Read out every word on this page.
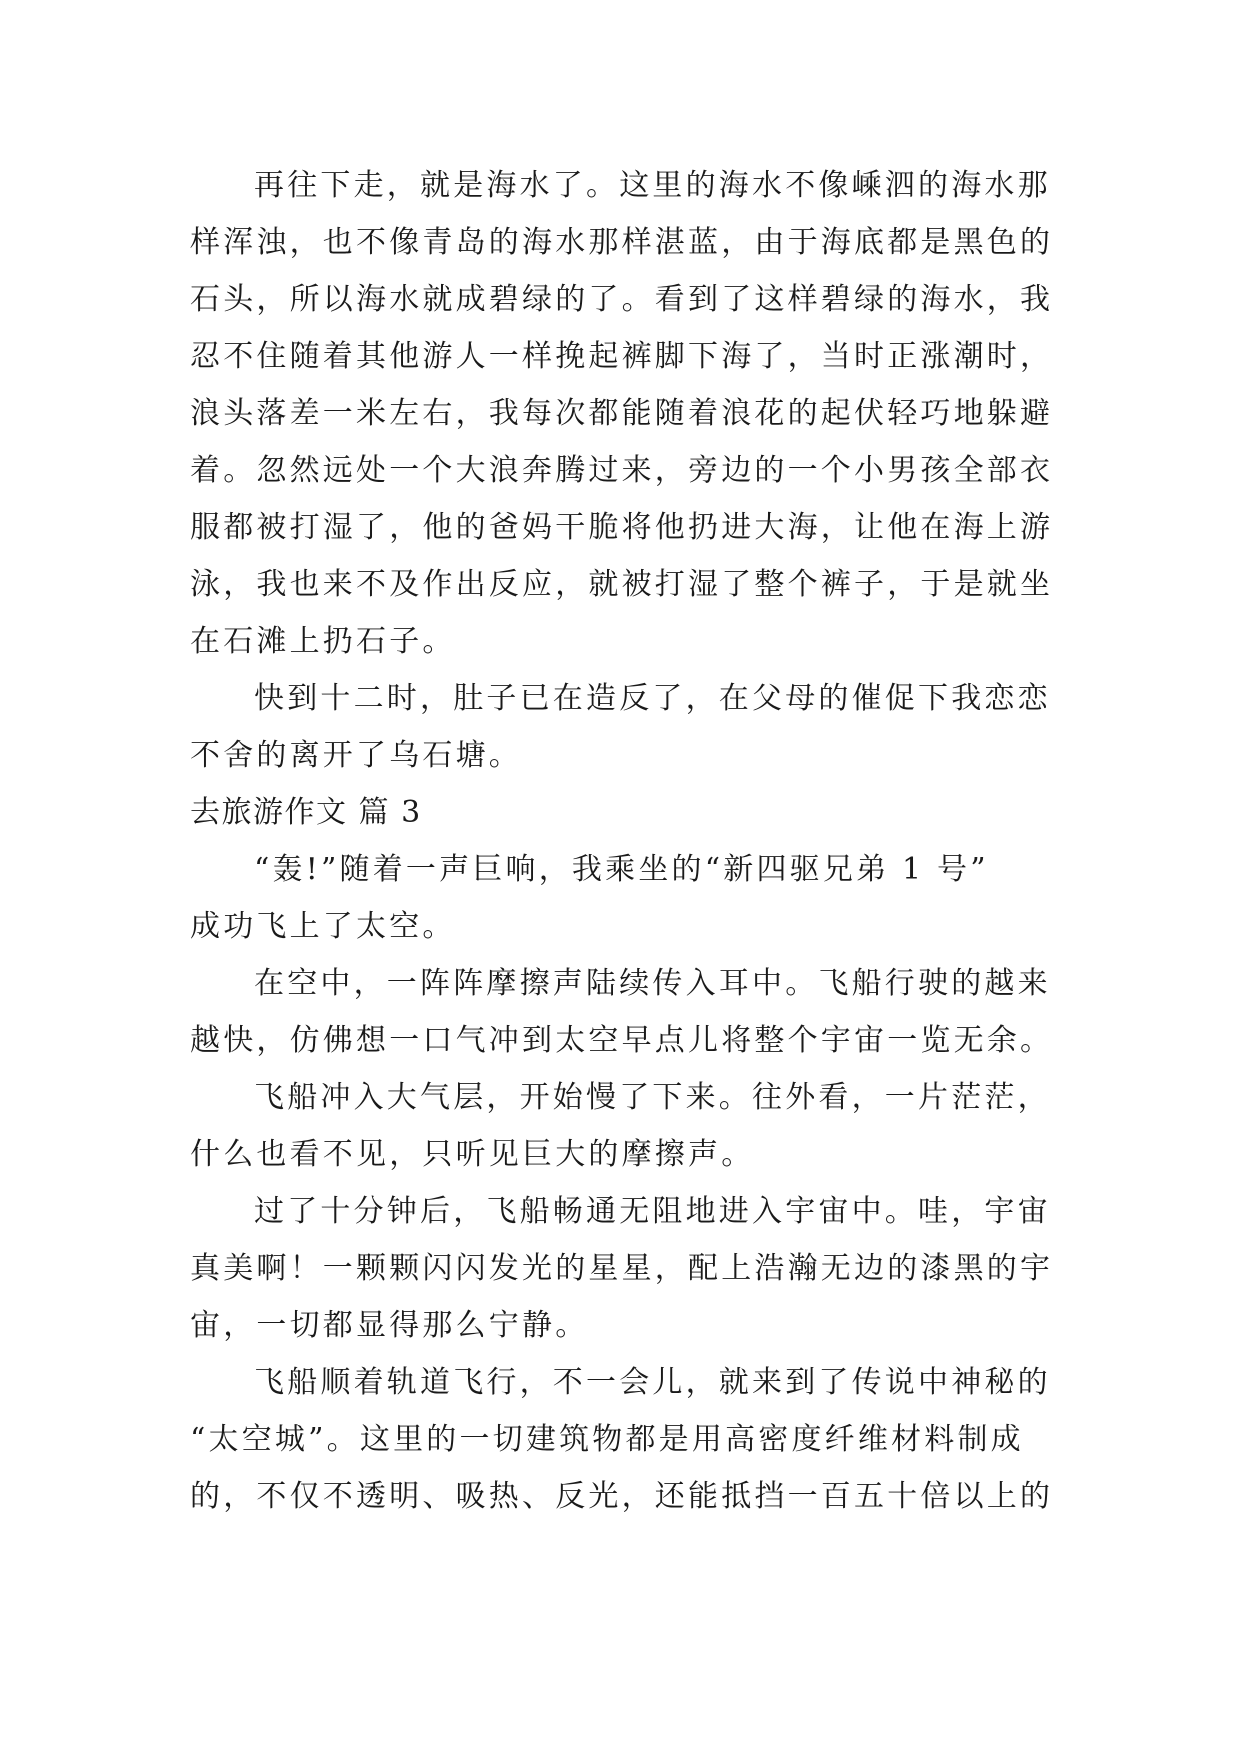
再往下走，就是海水了。这里的海水不像嵊泗的海水那

样浑浊，也不像青岛的海水那样湛蓝，由于海底都是黑色的

石头，所以海水就成碧绿的了。看到了这样碧绿的海水，我

忍不住随着其他游人一样挽起裤脚下海了，当时正涨潮时，

浪头落差一米左右，我每次都能随着浪花的起伏轻巧地躲避

着。忽然远处一个大浪奔腾过来，旁边的一个小男孩全部衣

服都被打湿了，他的爸妈干脆将他扔进大海，让他在海上游

泳，我也来不及作出反应，就被打湿了整个裤子，于是就坐

在石滩上扔石子。

快到十二时，肚子已在造反了，在父母的催促下我恋恋

不舍的离开了乌石塘。

去旅游作文 篇 3

“轰!”随着一声巨响，我乘坐的“新四驱兄弟 1 号”

成功飞上了太空。

在空中，一阵阵摩擦声陆续传入耳中。飞船行驶的越来

越快，仿佛想一口气冲到太空早点儿将整个宇宙一览无余。

飞船冲入大气层，开始慢了下来。往外看，一片茫茫，

什么也看不见，只听见巨大的摩擦声。

过了十分钟后，飞船畅通无阻地进入宇宙中。哇，宇宙

真美啊！一颗颗闪闪发光的星星，配上浩瀚无边的漆黑的宇

宙，一切都显得那么宁静。

飞船顺着轨道飞行，不一会儿，就来到了传说中神秘的

“太空城”。这里的一切建筑物都是用高密度纤维材料制成

的，不仅不透明、吸热、反光，还能抵挡一百五十倍以上的
